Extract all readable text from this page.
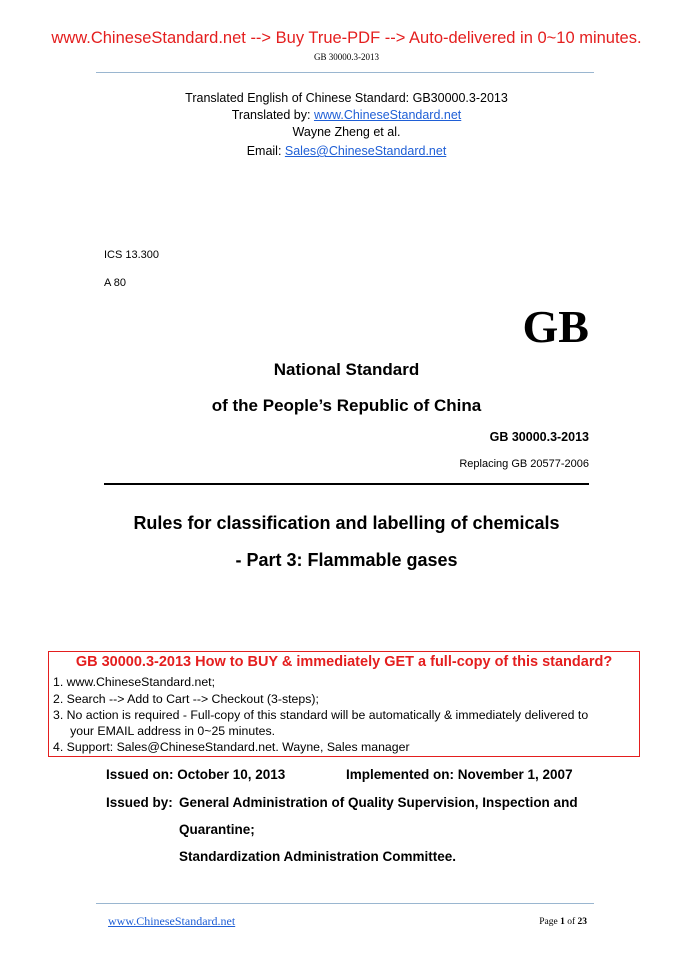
www.ChineseStandard.net --> Buy True-PDF --> Auto-delivered in 0~10 minutes.
GB 30000.3-2013
Translated English of Chinese Standard: GB30000.3-2013
Translated by: www.ChineseStandard.net
Wayne Zheng et al.
Email: Sales@ChineseStandard.net
ICS 13.300
A 80
GB
National Standard
of the People’s Republic of China
GB 30000.3-2013
Replacing GB 20577-2006
Rules for classification and labelling of chemicals
- Part 3: Flammable gases
GB 30000.3-2013 How to BUY & immediately GET a full-copy of this standard?
1. www.ChineseStandard.net;
2. Search --> Add to Cart --> Checkout (3-steps);
3. No action is required - Full-copy of this standard will be automatically & immediately delivered to
your EMAIL address in 0~25 minutes.
4. Support: Sales@ChineseStandard.net. Wayne, Sales manager
Issued on: October 10, 2013	Implemented on: November 1, 2007
Issued by: General Administration of Quality Supervision, Inspection and
Quarantine;
Standardization Administration Committee.
www.ChineseStandard.net	Page 1 of 23
